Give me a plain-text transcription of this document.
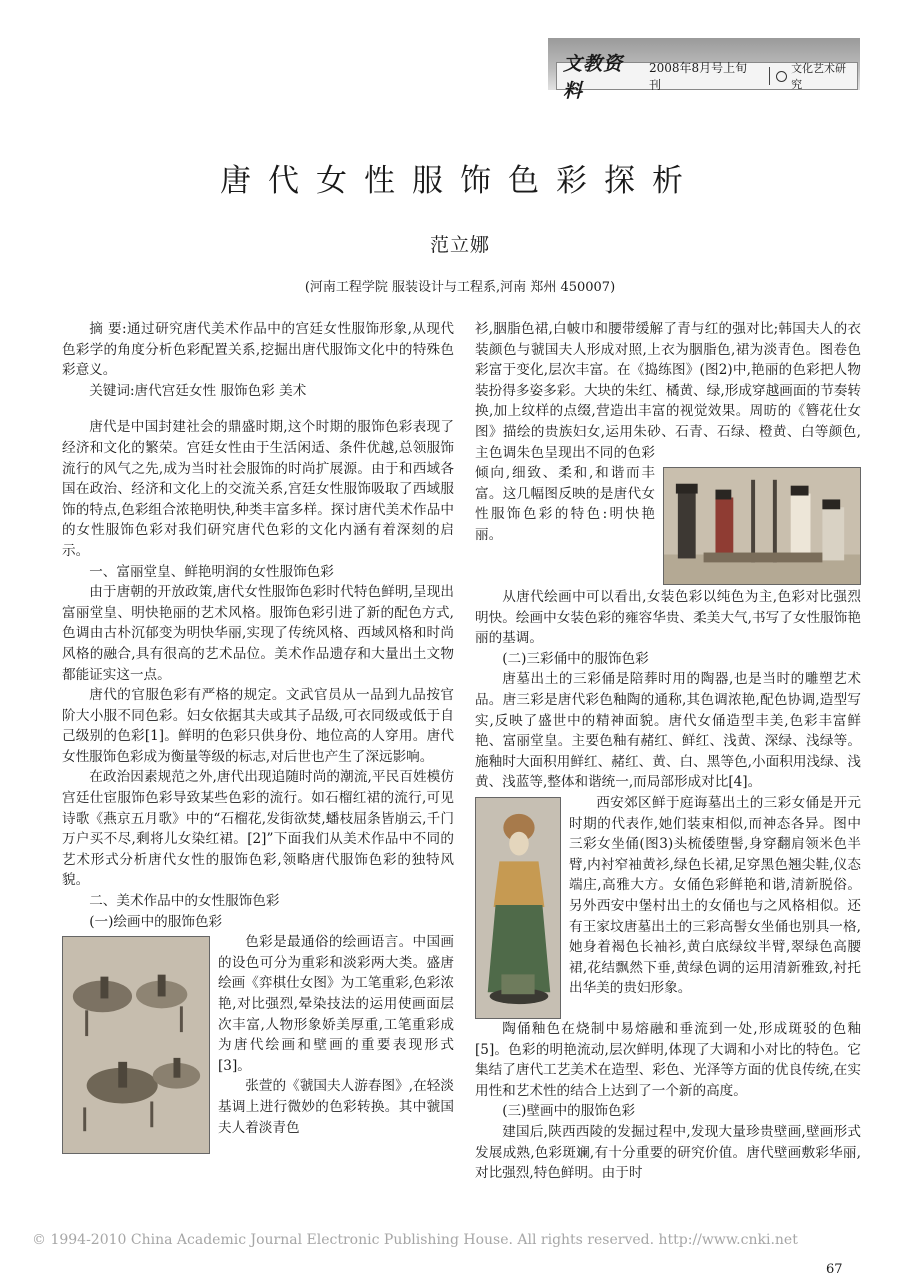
文教资料
2008年8月号上旬刊
文化艺术研究
唐代女性服饰色彩探析
范立娜
(河南工程学院 服装设计与工程系,河南 郑州 450007)

摘 要:通过研究唐代美术作品中的宫廷女性服饰形象,从现代色彩学的角度分析色彩配置关系,挖掘出唐代服饰文化中的特殊色彩意义。

关键词:唐代宫廷女性 服饰色彩 美术

唐代是中国封建社会的鼎盛时期,这个时期的服饰色彩表现了经济和文化的繁荣。宫廷女性由于生活闲适、条件优越,总领服饰流行的风气之先,成为当时社会服饰的时尚扩展源。由于和西域各国在政治、经济和文化上的交流关系,宫廷女性服饰吸取了西域服饰的特点,色彩组合浓艳明快,种类丰富多样。探讨唐代美术作品中的女性服饰色彩对我们研究唐代色彩的文化内涵有着深刻的启示。

一、富丽堂皇、鲜艳明润的女性服饰色彩

由于唐朝的开放政策,唐代女性服饰色彩时代特色鲜明,呈现出富丽堂皇、明快艳丽的艺术风格。服饰色彩引进了新的配色方式,色调由古朴沉郁变为明快华丽,实现了传统风格、西域风格和时尚风格的融合,具有很高的艺术品位。美术作品遗存和大量出土文物都能证实这一点。

唐代的官服色彩有严格的规定。文武官员从一品到九品按官阶大小服不同色彩。妇女依据其夫或其子品级,可衣同级或低于自己级别的色彩[1]。鲜明的色彩只供身份、地位高的人穿用。唐代女性服饰色彩成为衡量等级的标志,对后世也产生了深远影响。

在政治因素规范之外,唐代出现追随时尚的潮流,平民百姓模仿宫廷仕宦服饰色彩导致某些色彩的流行。如石榴红裙的流行,可见诗歌《燕京五月歌》中的“石榴花,发街欲焚,蟠枝屈条皆崩云,千门万户买不尽,剩将儿女染红裙。[2]”下面我们从美术作品中不同的艺术形式分析唐代女性的服饰色彩,领略唐代服饰色彩的独特风貌。

二、美术作品中的女性服饰色彩

(一)绘画中的服饰色彩

色彩是最通俗的绘画语言。中国画的设色可分为重彩和淡彩两大类。盛唐绘画《弈棋仕女图》为工笔重彩,色彩浓艳,对比强烈,晕染技法的运用使画面层次丰富,人物形象娇美厚重,工笔重彩成为唐代绘画和壁画的重要表现形式[3]。

张萱的《虢国夫人游春图》,在轻淡基调上进行微妙的色彩转换。其中虢国夫人着淡青色

衫,胭脂色裙,白帔巾和腰带缓解了青与红的强对比;韩国夫人的衣装颜色与虢国夫人形成对照,上衣为胭脂色,裙为淡青色。图卷色彩富于变化,层次丰富。在《捣练图》(图2)中,艳丽的色彩把人物装扮得多姿多彩。大块的朱红、橘黄、绿,形成穿越画面的节奏转换,加上纹样的点缀,营造出丰富的视觉效果。周昉的《簪花仕女图》描绘的贵族妇女,运用朱砂、石青、石绿、橙黄、白等颜色,主色调朱色呈现出不同的色彩倾向,细致、柔和,和谐而丰富。这几幅图反映的是唐代女性服饰色彩的特色:明快艳丽。

从唐代绘画中可以看出,女装色彩以纯色为主,色彩对比强烈明快。绘画中女装色彩的雍容华贵、柔美大气,书写了女性服饰艳丽的基调。

(二)三彩俑中的服饰色彩

唐墓出土的三彩俑是陪葬时用的陶器,也是当时的雕塑艺术品。唐三彩是唐代彩色釉陶的通称,其色调浓艳,配色协调,造型写实,反映了盛世中的精神面貌。唐代女俑造型丰美,色彩丰富鲜艳、富丽堂皇。主要色釉有赭红、鲜红、浅黄、深绿、浅绿等。施釉时大面积用鲜红、赭红、黄、白、黑等色,小面积用浅绿、浅黄、浅蓝等,整体和谐统一,而局部形成对比[4]。

西安郊区鲜于庭诲墓出土的三彩女俑是开元时期的代表作,她们装束相似,而神态各异。图中三彩女坐俑(图3)头梳倭堕髻,身穿翻肩领米色半臂,内衬窄袖黄衫,绿色长裙,足穿黑色翘尖鞋,仪态端庄,高雅大方。女俑色彩鲜艳和谐,清新脱俗。另外西安中堡村出土的女俑也与之风格相似。还有王家坟唐墓出土的三彩高髻女坐俑也别具一格,她身着褐色长袖衫,黄白底绿纹半臂,翠绿色高腰裙,花结飘然下垂,黄绿色调的运用清新雅致,衬托出华美的贵妇形象。

陶俑釉色在烧制中易熔融和垂流到一处,形成斑驳的色釉[5]。色彩的明艳流动,层次鲜明,体现了大调和小对比的特色。它集结了唐代工艺美术在造型、彩色、光泽等方面的优良传统,在实用性和艺术性的结合上达到了一个新的高度。

(三)壁画中的服饰色彩

建国后,陕西西陵的发掘过程中,发现大量珍贵壁画,壁画形式发展成熟,色彩斑斓,有十分重要的研究价值。唐代壁画敷彩华丽,对比强烈,特色鲜明。由于时

© 1994-2010 China Academic Journal Electronic Publishing House. All rights reserved. http://www.cnki.net
67
